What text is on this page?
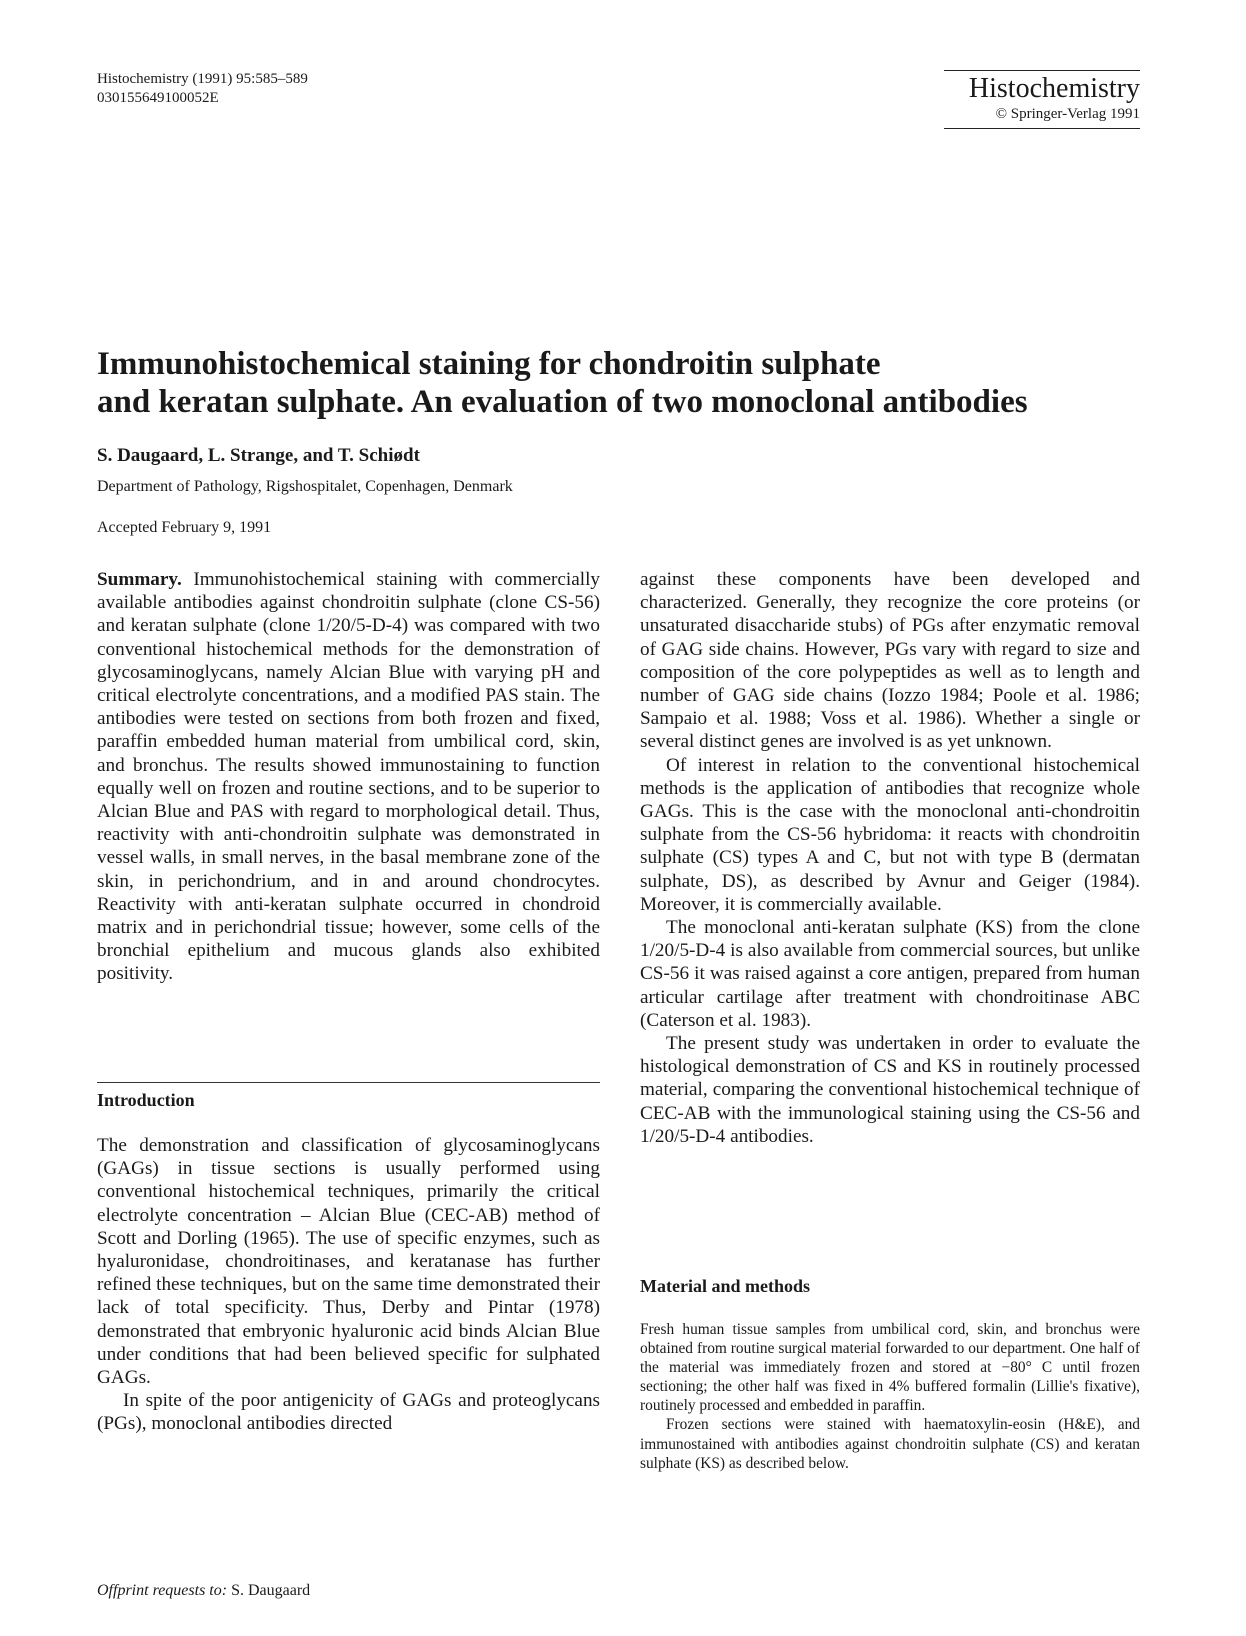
Histochemistry (1991) 95:585–589
030155649100052E	Histochemistry
© Springer-Verlag 1991
Immunohistochemical staining for chondroitin sulphate
and keratan sulphate. An evaluation of two monoclonal antibodies
S. Daugaard, L. Strange, and T. Schiødt
Department of Pathology, Rigshospitalet, Copenhagen, Denmark
Accepted February 9, 1991

Summary. Immunohistochemical staining with commercially available antibodies against chondroitin sulphate (clone CS-56) and keratan sulphate (clone 1/20/5-D-4) was compared with two conventional histochemical methods for the demonstration of glycosaminoglycans, namely Alcian Blue with varying pH and critical electrolyte concentrations, and a modified PAS stain. The antibodies were tested on sections from both frozen and fixed, paraffin embedded human material from umbilical cord, skin, and bronchus. The results showed immunostaining to function equally well on frozen and routine sections, and to be superior to Alcian Blue and PAS with regard to morphological detail. Thus, reactivity with anti-chondroitin sulphate was demonstrated in vessel walls, in small nerves, in the basal membrane zone of the skin, in perichondrium, and in and around chondrocytes. Reactivity with anti-keratan sulphate occurred in chondroid matrix and in perichondrial tissue; however, some cells of the bronchial epithelium and mucous glands also exhibited positivity.

Introduction

The demonstration and classification of glycosaminoglycans (GAGs) in tissue sections is usually performed using conventional histochemical techniques, primarily the critical electrolyte concentration – Alcian Blue (CEC-AB) method of Scott and Dorling (1965). The use of specific enzymes, such as hyaluronidase, chondroitinases, and keratanase has further refined these techniques, but on the same time demonstrated their lack of total specificity. Thus, Derby and Pintar (1978) demonstrated that embryonic hyaluronic acid binds Alcian Blue under conditions that had been believed specific for sulphated GAGs.

In spite of the poor antigenicity of GAGs and proteoglycans (PGs), monoclonal antibodies directed

Offprint requests to: S. Daugaard

against these components have been developed and characterized. Generally, they recognize the core proteins (or unsaturated disaccharide stubs) of PGs after enzymatic removal of GAG side chains. However, PGs vary with regard to size and composition of the core polypeptides as well as to length and number of GAG side chains (Iozzo 1984; Poole et al. 1986; Sampaio et al. 1988; Voss et al. 1986). Whether a single or several distinct genes are involved is as yet unknown.

Of interest in relation to the conventional histochemical methods is the application of antibodies that recognize whole GAGs. This is the case with the monoclonal anti-chondroitin sulphate from the CS-56 hybridoma: it reacts with chondroitin sulphate (CS) types A and C, but not with type B (dermatan sulphate, DS), as described by Avnur and Geiger (1984). Moreover, it is commercially available.

The monoclonal anti-keratan sulphate (KS) from the clone 1/20/5-D-4 is also available from commercial sources, but unlike CS-56 it was raised against a core antigen, prepared from human articular cartilage after treatment with chondroitinase ABC (Caterson et al. 1983).

The present study was undertaken in order to evaluate the histological demonstration of CS and KS in routinely processed material, comparing the conventional histochemical technique of CEC-AB with the immunological staining using the CS-56 and 1/20/5-D-4 antibodies.

Material and methods

Fresh human tissue samples from umbilical cord, skin, and bronchus were obtained from routine surgical material forwarded to our department. One half of the material was immediately frozen and stored at −80° C until frozen sectioning; the other half was fixed in 4% buffered formalin (Lillie's fixative), routinely processed and embedded in paraffin.

Frozen sections were stained with haematoxylin-eosin (H&E), and immunostained with antibodies against chondroitin sulphate (CS) and keratan sulphate (KS) as described below.
